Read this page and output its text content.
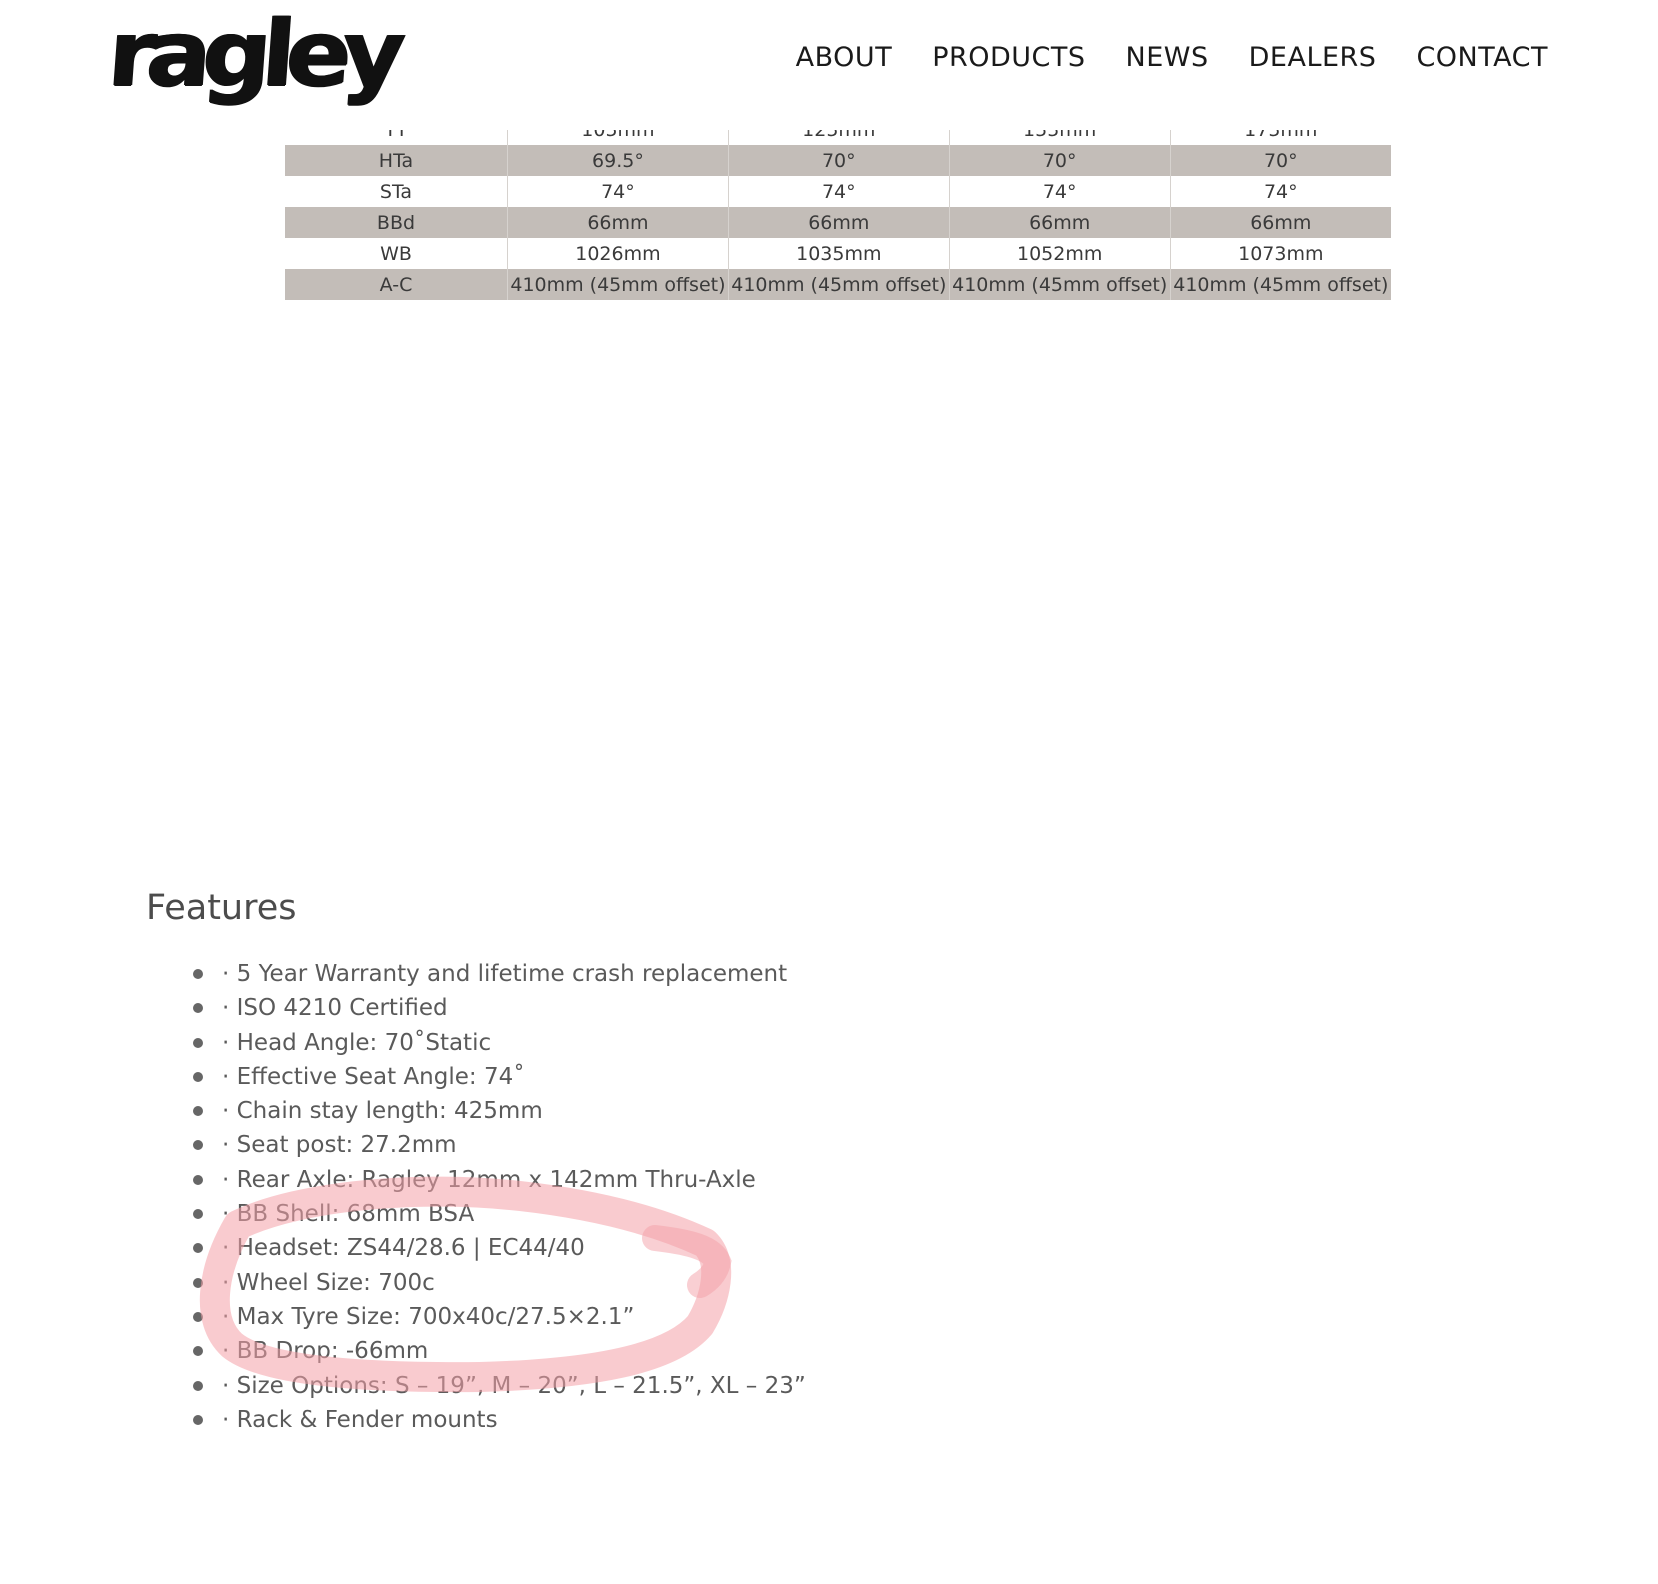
ragley	ABOUT PRODUCTS NEWS DEALERS CONTACT

HTa	69.5°	70°	70°	70°
STa	74°	74°	74°	74°
BBd	66mm	66mm	66mm	66mm
WB	1026mm	1035mm	1052mm	1073mm
A-C	410mm (45mm offset)	410mm (45mm offset)	410mm (45mm offset)	410mm (45mm offset)
Features
· 5 Year Warranty and lifetime crash replacement
· ISO 4210 Certified
· Head Angle: 70˚Static
· Effective Seat Angle: 74˚
· Chain stay length: 425mm
· Seat post: 27.2mm
· Rear Axle: Ragley 12mm x 142mm Thru-Axle
· BB Shell: 68mm BSA
· Headset: ZS44/28.6 | EC44/40
· Wheel Size: 700c
· Max Tyre Size: 700x40c/27.5×2.1”
· BB Drop: -66mm
· Size Options: S – 19”, M – 20”, L – 21.5”, XL – 23”
· Rack & Fender mounts
